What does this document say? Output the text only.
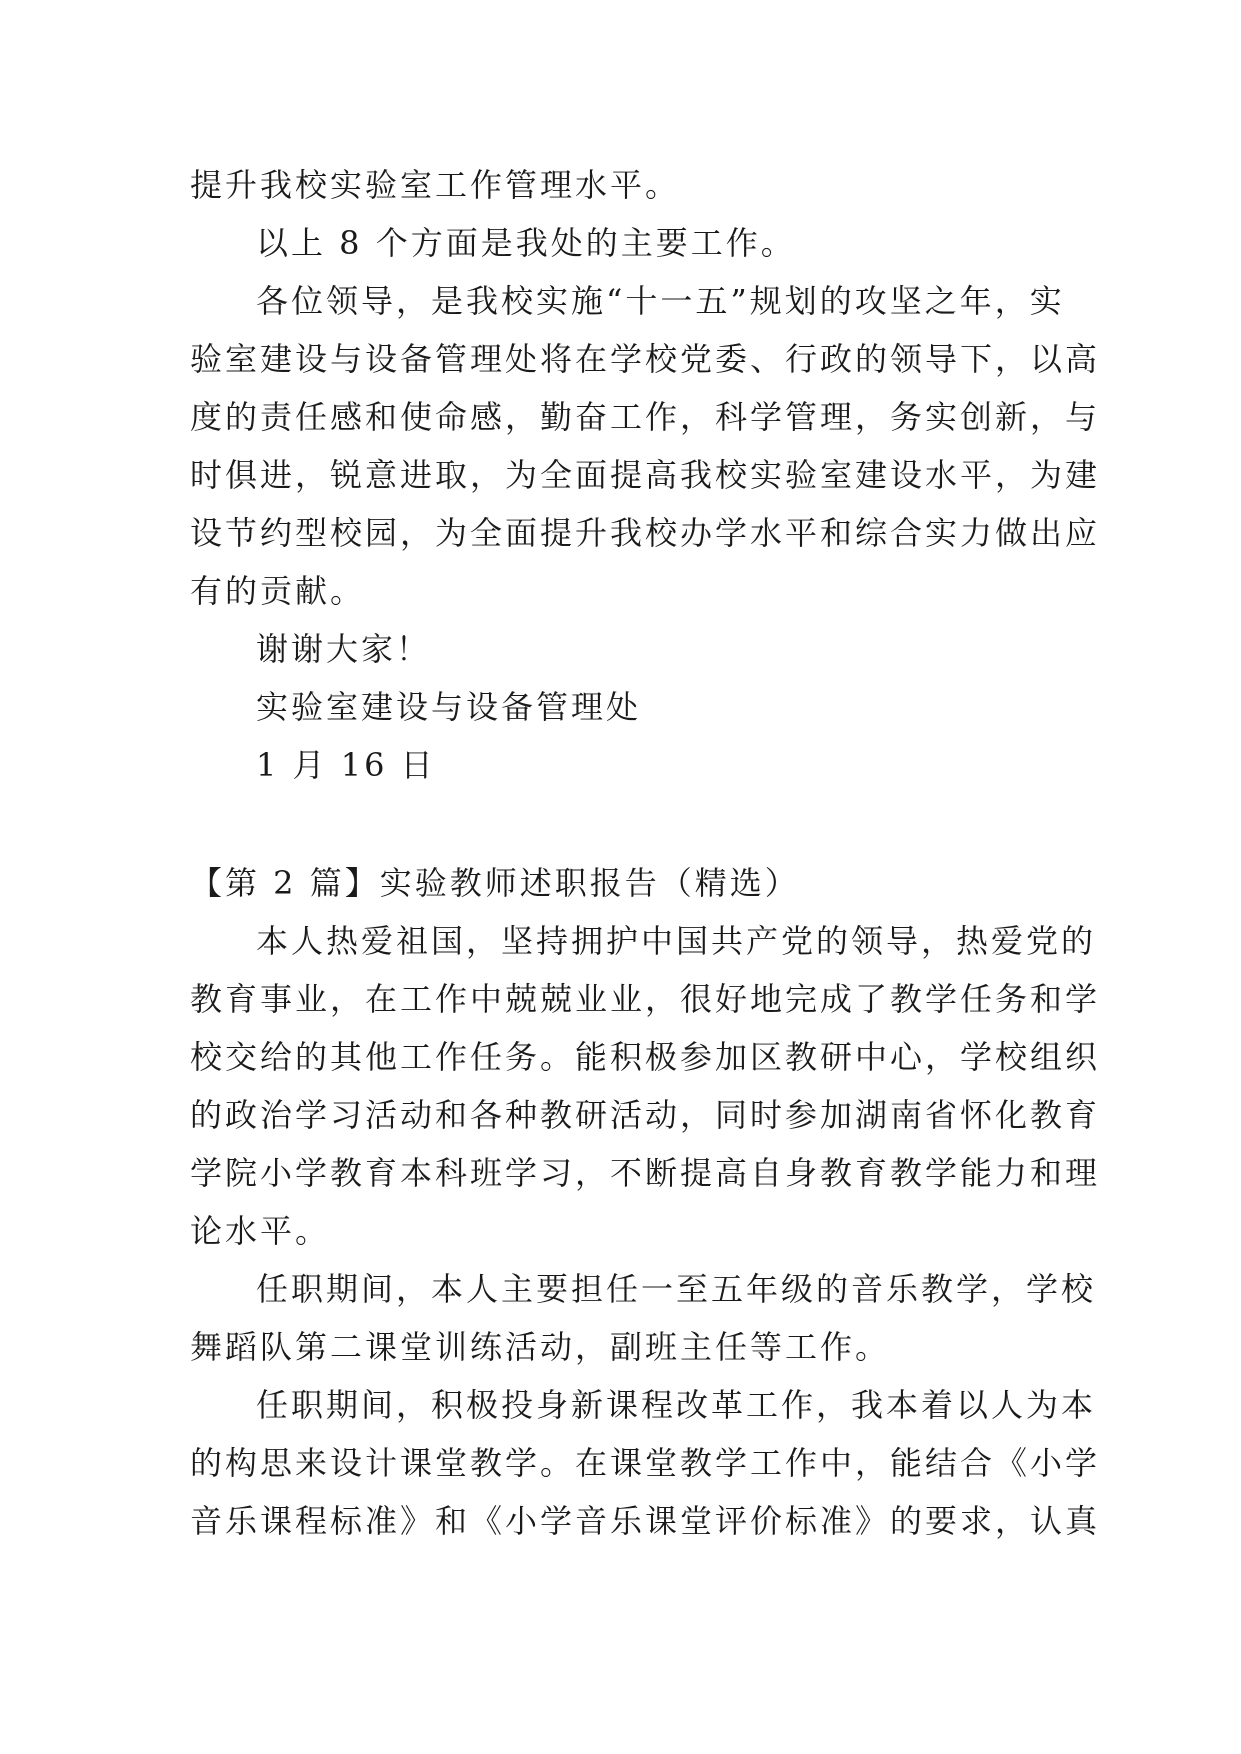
提升我校实验室工作管理水平。
以上 8 个方面是我处的主要工作。
各位领导，是我校实施“十一五”规划的攻坚之年，实
验室建设与设备管理处将在学校党委、行政的领导下，以高
度的责任感和使命感，勤奋工作，科学管理，务实创新，与
时俱进，锐意进取，为全面提高我校实验室建设水平，为建
设节约型校园，为全面提升我校办学水平和综合实力做出应
有的贡献。
谢谢大家！
实验室建设与设备管理处
1 月 16 日
【第 2 篇】实验教师述职报告（精选）
本人热爱祖国，坚持拥护中国共产党的领导，热爱党的
教育事业，在工作中兢兢业业，很好地完成了教学任务和学
校交给的其他工作任务。能积极参加区教研中心，学校组织
的政治学习活动和各种教研活动，同时参加湖南省怀化教育
学院小学教育本科班学习，不断提高自身教育教学能力和理
论水平。
任职期间，本人主要担任一至五年级的音乐教学，学校
舞蹈队第二课堂训练活动，副班主任等工作。
任职期间，积极投身新课程改革工作，我本着以人为本
的构思来设计课堂教学。在课堂教学工作中，能结合《小学
音乐课程标准》和《小学音乐课堂评价标准》的要求，认真
